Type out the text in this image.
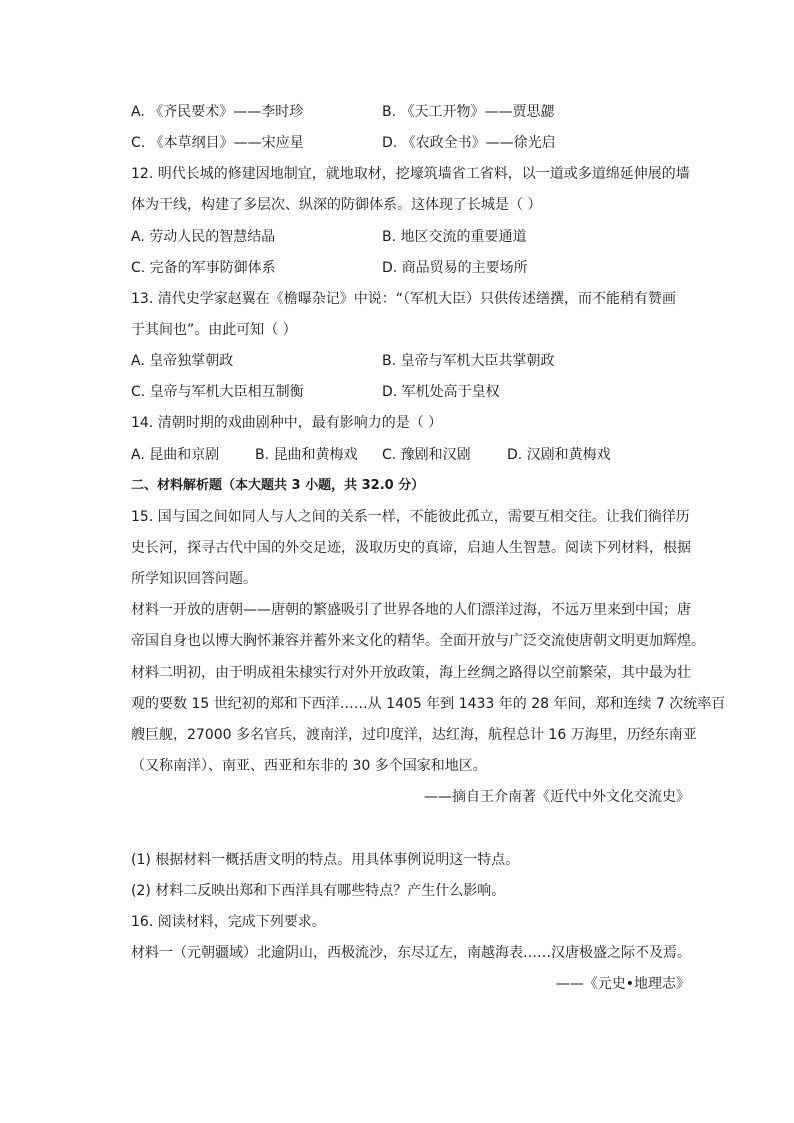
A. 《齐民要术》——李时珍	B. 《天工开物》——贾思勰
C. 《本草纲目》——宋应星	D. 《农政全书》——徐光启
12. 明代长城的修建因地制宜，就地取材，挖壕筑墙省工省料，以一道或多道绵延伸展的墙
体为干线，构建了多层次、纵深的防御体系。这体现了长城是（ ）
A. 劳动人民的智慧结晶	B. 地区交流的重要通道
C. 完备的军事防御体系	D. 商品贸易的主要场所
13. 清代史学家赵翼在《檐曝杂记》中说：“（军机大臣）只供传述缮撰，而不能稍有赞画
于其间也”。由此可知（ ）
A. 皇帝独掌朝政	B. 皇帝与军机大臣共掌朝政
C. 皇帝与军机大臣相互制衡	D. 军机处高于皇权
14. 清朝时期的戏曲剧种中，最有影响力的是（ ）
A. 昆曲和京剧	B. 昆曲和黄梅戏 C. 豫剧和汉剧	D. 汉剧和黄梅戏
二、材料解析题（本大题共 3 小题，共 32.0 分）
15. 国与国之间如同人与人之间的关系一样，不能彼此孤立，需要互相交往。让我们徜徉历
史长河，探寻古代中国的外交足迹，汲取历史的真谛，启迪人生智慧。阅读下列材料，根据
所学知识回答问题。
材料一开放的唐朝——唐朝的繁盛吸引了世界各地的人们漂洋过海，不远万里来到中国；唐
帝国自身也以博大胸怀兼容并蓄外来文化的精华。全面开放与广泛交流使唐朝文明更加辉煌。
材料二明初，由于明成祖朱棣实行对外开放政策，海上丝绸之路得以空前繁荣，其中最为壮
观的要数 15 世纪初的郑和下西洋……从 1405 年到 1433 年的 28 年间，郑和连续 7 次统率百
艘巨舰，27000 多名官兵，渡南洋，过印度洋，达红海，航程总计 16 万海里，历经东南亚
（又称南洋）、南亚、西亚和东非的 30 多个国家和地区。
——摘自王介南著《近代中外文化交流史》
(1) 根据材料一概括唐文明的特点。用具体事例说明这一特点。
(2) 材料二反映出郑和下西洋具有哪些特点？产生什么影响。
16. 阅读材料，完成下列要求。
材料一（元朝疆域）北逾阴山，西极流沙，东尽辽左，南越海表……汉唐极盛之际不及焉。
——《元史•地理志》
